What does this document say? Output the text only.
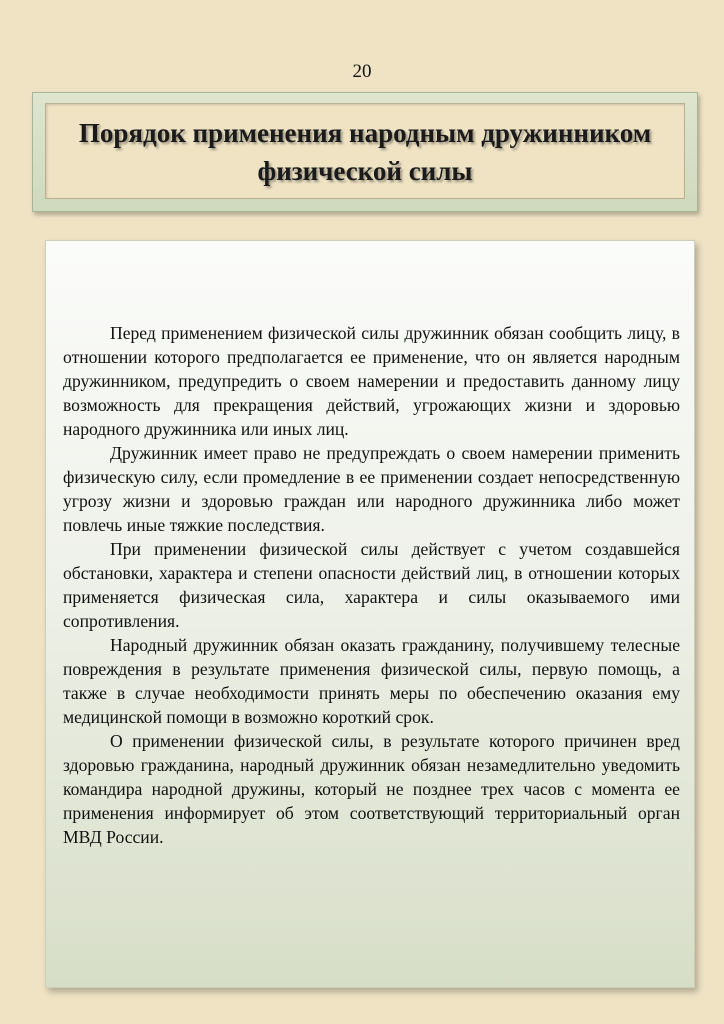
20
Порядок применения народным дружинником
физической силы

Перед применением физической силы дружинник обязан сообщить лицу, в отношении которого предполагается ее применение, что он является народным дружинником, предупредить о своем намерении и предоставить данному лицу возможность для прекращения действий, угрожающих жизни и здоровью народного дружинника или иных лиц.

Дружинник имеет право не предупреждать о своем намерении применить физическую силу, если промедление в ее применении создает непосредственную угрозу жизни и здоровью граждан или народного дружинника либо может повлечь иные тяжкие последствия.

При применении физической силы действует с учетом создавшейся обстановки, характера и степени опасности действий лиц, в отношении которых применяется физическая сила, характера и силы оказываемого ими сопротивления.

Народный дружинник обязан оказать гражданину, получившему телесные повреждения в результате применения физической силы, первую помощь, а также в случае необходимости принять меры по обеспечению оказания ему медицинской помощи в возможно короткий срок.

О применении физической силы, в результате которого причинен вред здоровью гражданина, народный дружинник обязан незамедлительно уведомить командира народной дружины, который не позднее трех часов с момента ее применения информирует об этом соответствующий территориальный орган МВД России.
